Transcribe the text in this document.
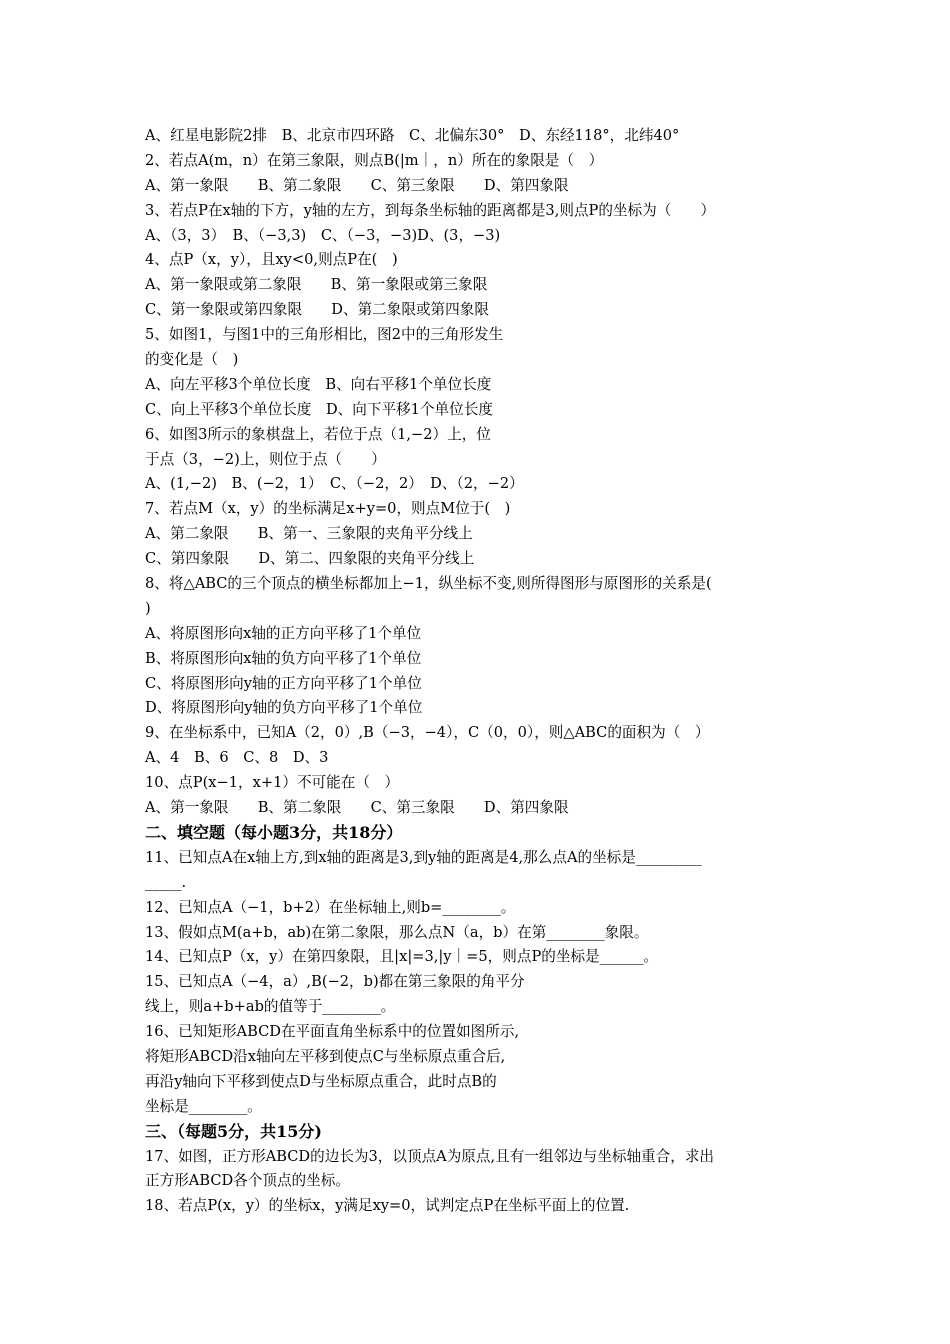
A、红星电影院2排　B、北京市四环路　C、北偏东30°　D、东经118°，北纬40°
2、若点A(m，n）在第三象限，则点B(|m｜，n）所在的象限是（　）
A、第一象限　　B、第二象限　　C、第三象限　　D、第四象限
3、若点P在x轴的下方，y轴的左方，到每条坐标轴的距离都是3,则点P的坐标为（　　）
A、（3，3）　B、（−3,3)　C、（−3，−3)D、(3，−3)
4、点P（x，y），且xy<0,则点P在(　)
A、第一象限或第二象限　　B、第一象限或第三象限
C、第一象限或第四象限　　D、第二象限或第四象限
5、如图1，与图1中的三角形相比，图2中的三角形发生
的变化是（　)
A、向左平移3个单位长度　B、向右平移1个单位长度
C、向上平移3个单位长度　D、向下平移1个单位长度
6、如图3所示的象棋盘上，若位于点（1,−2）上，位
于点（3，−2)上，则位于点（　　）
A、(1,−2)　B、(−2，1）　C、（−2，2）　D、（2，−2）
7、若点M（x，y）的坐标满足x+y=0，则点M位于(　)
A、第二象限　　B、第一、三象限的夹角平分线上
C、第四象限　　D、第二、四象限的夹角平分线上
8、将△ABC的三个顶点的横坐标都加上−1，纵坐标不变,则所得图形与原图形的关系是(
)
A、将原图形向x轴的正方向平移了1个单位
B、将原图形向x轴的负方向平移了1个单位
C、将原图形向y轴的正方向平移了1个单位
D、将原图形向y轴的负方向平移了1个单位
9、在坐标系中，已知A（2，0）,B（−3，−4），C（0，0），则△ABC的面积为（　）
A、4　B、6　C、8　D、3
10、点P(x−1，x+1）不可能在（　）
A、第一象限　　B、第二象限　　C、第三象限　　D、第四象限
二、填空题（每小题3分，共18分）
11、已知点A在x轴上方,到x轴的距离是3,到y轴的距离是4,那么点A的坐标是_________
_____.
12、已知点A（−1，b+2）在坐标轴上,则b=________。
13、假如点M(a+b，ab)在第二象限，那么点N（a，b）在第________象限。
14、已知点P（x，y）在第四象限，且|x|=3,|y｜=5，则点P的坐标是______。
15、已知点A（−4，a）,B(−2，b)都在第三象限的角平分
线上，则a+b+ab的值等于________。
16、已知矩形ABCD在平面直角坐标系中的位置如图所示,
将矩形ABCD沿x轴向左平移到使点C与坐标原点重合后,
再沿y轴向下平移到使点D与坐标原点重合，此时点B的
坐标是________。
三、（每题5分，共15分)
17、如图，正方形ABCD的边长为3，以顶点A为原点,且有一组邻边与坐标轴重合，求出
正方形ABCD各个顶点的坐标。
18、若点P(x，y）的坐标x，y满足xy=0，试判定点P在坐标平面上的位置.
